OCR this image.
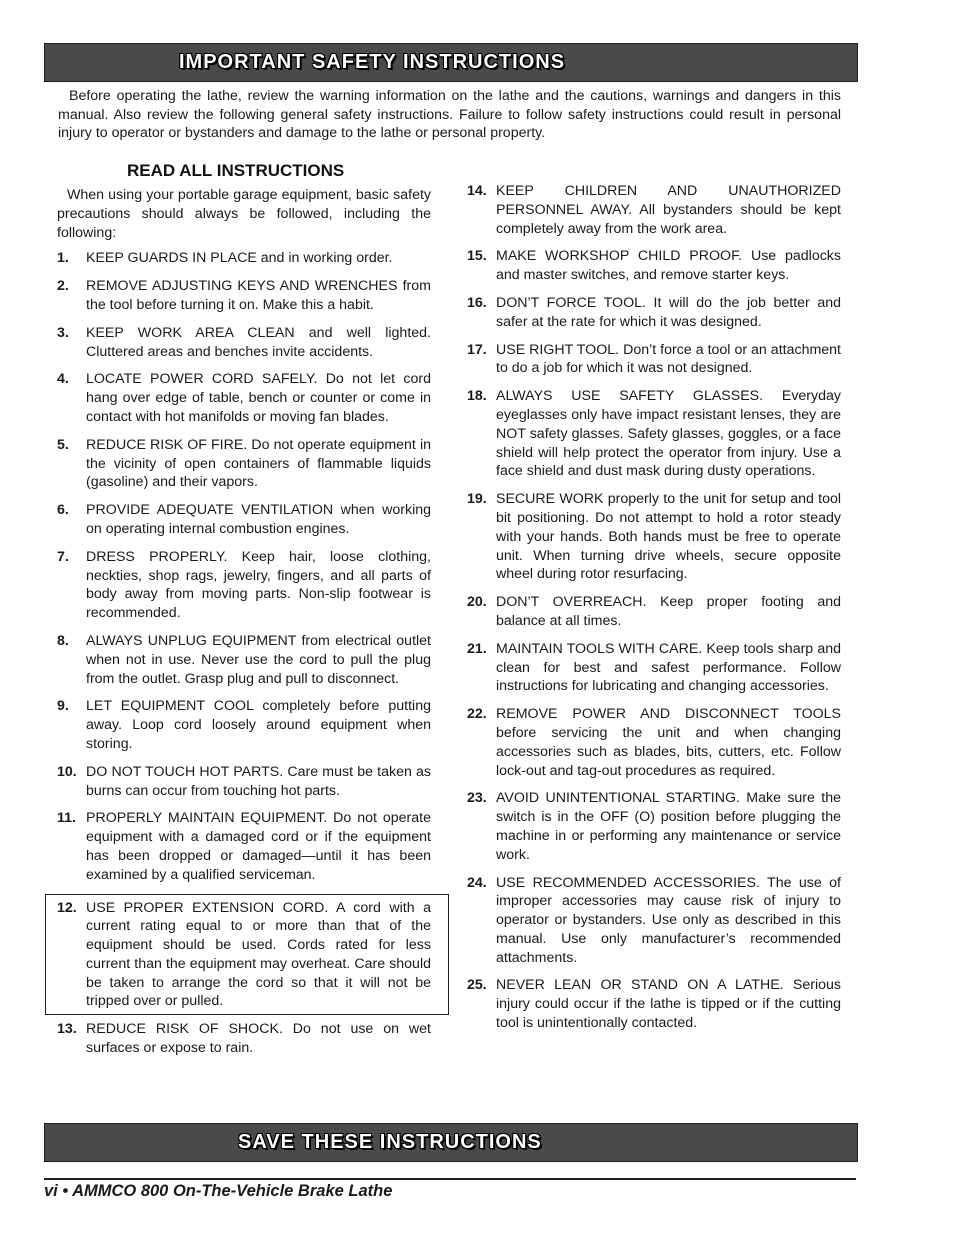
IMPORTANT SAFETY INSTRUCTIONS

Before operating the lathe, review the warning information on the lathe and the cautions, warnings and dangers in this manual. Also review the following general safety instructions. Failure to follow safety instructions could result in personal injury to operator or bystanders and damage to the lathe or personal property.

READ ALL INSTRUCTIONS

When using your portable garage equipment, basic safety precautions should always be followed, including the following:

1.	KEEP GUARDS IN PLACE and in working order.
2.	REMOVE ADJUSTING KEYS AND WRENCHES from the tool before turning it on. Make this a habit.
3.	KEEP WORK AREA CLEAN and well lighted. Cluttered areas and benches invite accidents.
4.	LOCATE POWER CORD SAFELY. Do not let cord hang over edge of table, bench or counter or come in contact with hot manifolds or moving fan blades.
5.	REDUCE RISK OF FIRE. Do not operate equipment in the vicinity of open containers of flammable liquids (gasoline) and their vapors.
6.	PROVIDE ADEQUATE VENTILATION when working on operating internal combustion engines.
7.	DRESS PROPERLY. Keep hair, loose clothing, neckties, shop rags, jewelry, fingers, and all parts of body away from moving parts. Non-slip footwear is recommended.
8.	ALWAYS UNPLUG EQUIPMENT from electrical outlet when not in use. Never use the cord to pull the plug from the outlet. Grasp plug and pull to disconnect.
9.	LET EQUIPMENT COOL completely before putting away. Loop cord loosely around equipment when storing.
10. DO NOT TOUCH HOT PARTS. Care must be taken as burns can occur from touching hot parts.
11. PROPERLY MAINTAIN EQUIPMENT. Do not operate equipment with a damaged cord or if the equipment has been dropped or damaged—until it has been examined by a qualified serviceman.
12. USE PROPER EXTENSION CORD. A cord with a current rating equal to or more than that of the equipment should be used. Cords rated for less current than the equipment may overheat. Care should be taken to arrange the cord so that it will not be tripped over or pulled.
13. REDUCE RISK OF SHOCK. Do not use on wet surfaces or expose to rain.
14. KEEP CHILDREN AND UNAUTHORIZED PERSONNEL AWAY. All bystanders should be kept completely away from the work area.
15. MAKE WORKSHOP CHILD PROOF. Use padlocks and master switches, and remove starter keys.
16. DON’T FORCE TOOL. It will do the job better and safer at the rate for which it was designed.
17. USE RIGHT TOOL. Don’t force a tool or an attachment to do a job for which it was not designed.
18. ALWAYS USE SAFETY GLASSES. Everyday eyeglasses only have impact resistant lenses, they are NOT safety glasses. Safety glasses, goggles, or a face shield will help protect the operator from injury. Use a face shield and dust mask during dusty operations.
19. SECURE WORK properly to the unit for setup and tool bit positioning. Do not attempt to hold a rotor steady with your hands. Both hands must be free to operate unit. When turning drive wheels, secure opposite wheel during rotor resurfacing.
20. DON’T OVERREACH. Keep proper footing and balance at all times.
21. MAINTAIN TOOLS WITH CARE. Keep tools sharp and clean for best and safest performance. Follow instructions for lubricating and changing accessories.
22. REMOVE POWER AND DISCONNECT TOOLS before servicing the unit and when changing accessories such as blades, bits, cutters, etc. Follow lock-out and tag-out procedures as required.
23. AVOID UNINTENTIONAL STARTING. Make sure the switch is in the OFF (O) position before plugging the machine in or performing any maintenance or service work.
24. USE RECOMMENDED ACCESSORIES. The use of improper accessories may cause risk of injury to operator or bystanders. Use only as described in this manual. Use only manufacturer’s recommended attachments.
25. NEVER LEAN OR STAND ON A LATHE. Serious injury could occur if the lathe is tipped or if the cutting tool is unintentionally contacted.
SAVE THESE INSTRUCTIONS
vi • AMMCO 800 On-The-Vehicle Brake Lathe
